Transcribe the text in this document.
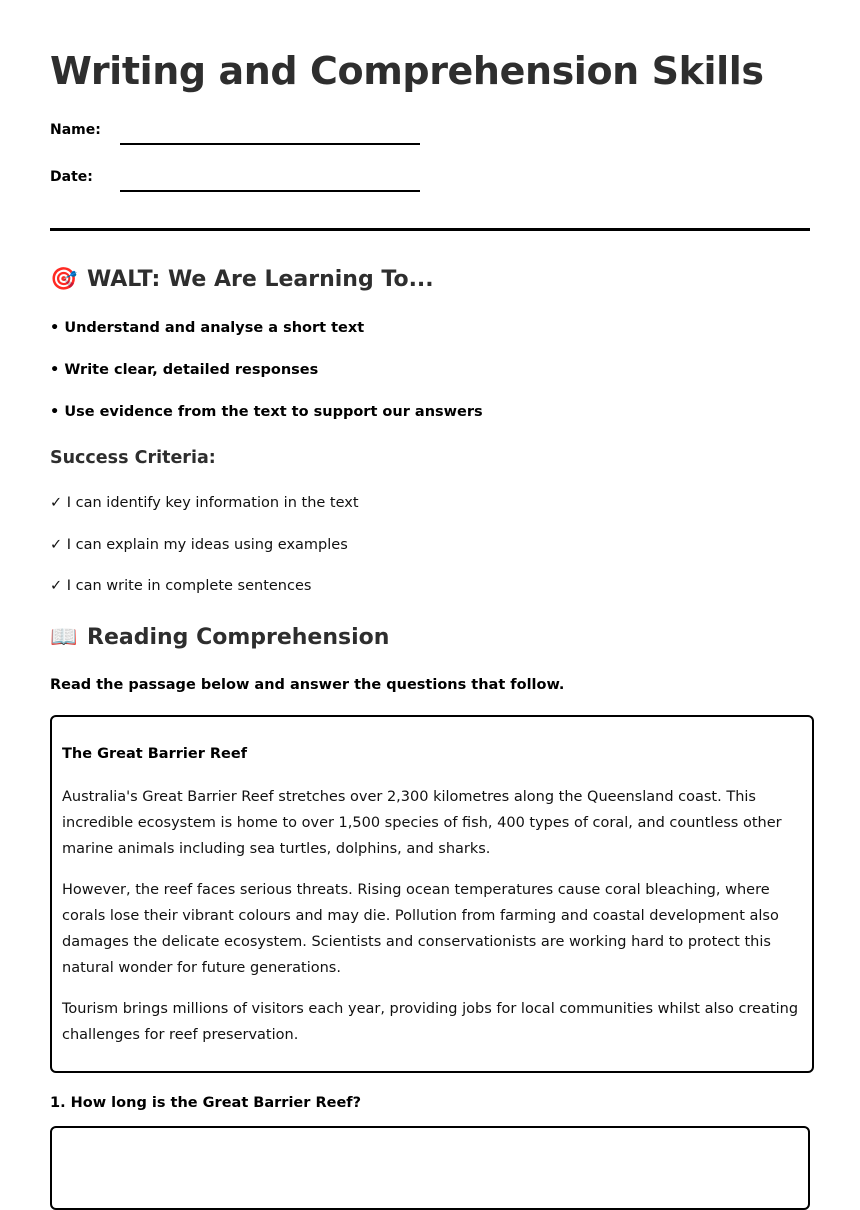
Writing and Comprehension Skills
Name:
Date:
🎯 WALT: We Are Learning To...
• Understand and analyse a short text
• Write clear, detailed responses
• Use evidence from the text to support our answers
Success Criteria:
✓ I can identify key information in the text
✓ I can explain my ideas using examples
✓ I can write in complete sentences
📖 Reading Comprehension
Read the passage below and answer the questions that follow.
The Great Barrier Reef
Australia's Great Barrier Reef stretches over 2,300 kilometres along the Queensland coast. This incredible ecosystem is home to over 1,500 species of fish, 400 types of coral, and countless other marine animals including sea turtles, dolphins, and sharks.
However, the reef faces serious threats. Rising ocean temperatures cause coral bleaching, where corals lose their vibrant colours and may die. Pollution from farming and coastal development also damages the delicate ecosystem. Scientists and conservationists are working hard to protect this natural wonder for future generations.
Tourism brings millions of visitors each year, providing jobs for local communities whilst also creating challenges for reef preservation.
1. How long is the Great Barrier Reef?
